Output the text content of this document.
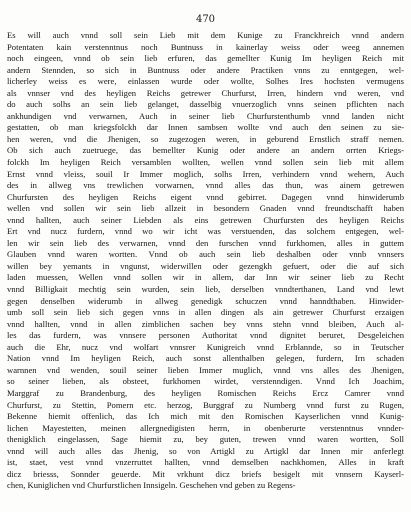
470
Es will auch vnnd soll sein Lieb mit dem Kunige zu Franckhreich vnnd andern
Potentaten kain verstenntnus noch Buntnuss in kainerlay weiss oder weeg annemen
noch eingeen, vnnd ob sein lieb erfuren, das gemellter Kunig Im heyligen Reich mit
andern Stennden, so sich in Buntnuss oder andere Practiken vnns zu enntgegen, wel-
licherley weiss es were, einlassen wurde oder wollte, Solhes Ires hochsten vermugens
als vnnser vnd des heyligen Reichs getrewer Churfurst, Irren, hindern vnd weren, vnd
do auch solhs an sein lieb gelanget, dasselbig vnuerzoglich vnns seinen pflichten nach
ankhundigen vnd verwarnen, Auch in seiner lieb Churfurstenthumb vnnd landen nicht
gestatten, ob man kriegsfolckh dar Innen sambsen wollte vnd auch den seinen zu sie-
hen weren, vnd die Jhenigen, so zugezogen weren, in geburend Ernstlich straff nemen.
Ob sich auch zuetruege, das bemellter Kunig oder andere an andern orrten Kriegs-
folckh Im heyligen Reich versamblen wollten, wellen vnnd sollen sein lieb mit allem
Ernst vnnd vleiss, souil Ir Immer moglich, solhs Irren, verhindern vnnd wehern, Auch
des in allweg vns trewlichen vorwarnen, vnnd alles das thun, was ainem getrewen
Churfursten des heyligen Reichs eigent vnnd gebirret. Dagegen vnnd hinwiderumb
wellen vnd sollen wir sein lieb allzeit in besondern Gnaden vnnd freundtschafft haben
vnnd hallten, auch seiner Liebden als eins getrewen Churfursten des heyligen Reichs
Ert vnd nucz furdern, vnnd wo wir icht was verstuenden, das solchem entgegen, wel-
len wir sein lieb des verwarnen, vnnd den furschen vnnd furkhomen, alles in guttem
Glauben vnnd waren wortten. Vnnd ob auch sein lieb deshalben oder vnnb vnnsers
willen bey yemants in vngunst, widerwillen oder gezengkh gefuert, oder die auf sich
laden muessen, Wellen vnnd sollen wir in allem, dar Inn wir seiner lieb zu Recht
vnnd Billigkait mechtig sein wurden, sein lieb, derselben vnndterthanen, Land vnd lewt
gegen denselben widerumb in allweg genedigk schuczen vnnd hanndthaben. Hinwider-
umb soll sein lieb sich gegen vnns in allen dingen als ain getrewer Churfurst erzaigen
vnnd hallten, vnnd in allen zimblichen sachen bey vnns stehn vnnd bleiben, Auch al-
les das furdern, was vnnsere personen Authoritat vnnd dignitet beruret, Desgeleichen
auch die Ehr, nucz vnd wolfart vnnsrer Kunigreich vnnd Erblannde, so in Teutscher
Nation vnnd Im heyligen Reich, auch sonst allenthalben gelegen, furdern, Irn schaden
warnnen vnd wenden, souil seiner lieben Immer muglich, vnnd vns alles des Jhenigen,
so seiner lieben, als obsteet, furkhomen wirdet, verstenndigen. Vnnd Ich Joachim,
Marggraf zu Brandenburg, des heyligen Romischen Reichs Ercz Camrer vnnd
Churfurst, zu Stettin, Pomern etc. herzog, Burggraf zu Numberg vnnd furst zu Rugen,
Bekenne hiemit offenlich, das Ich mich mit den Romischen Kayserlichen vnnd Kunig-
lichen Mayestetten, meinen allergnedigisten herrn, in obenberurte verstenntnus vnnder-
thenigklich eingelassen, Sage hiemit zu, bey guten, trewen vnnd waren wortten, Soll
vnnd will auch alles das Jhenig, so von Artigkl zu Artigkl dar Innen mir anferlegt
ist, staet, vest vnnd vnzerruttet hallten, vnnd demselben nachkhomen, Alles in kraft
dicz briesss, Sonnder geuerde. Mit vrkhunt dicz briefs besigelt mit vnnsern Kayserl-
chen, Kuniglichen vnd Churfurstlichen Innsigeln. Geschehen vnd geben zu Regens-
